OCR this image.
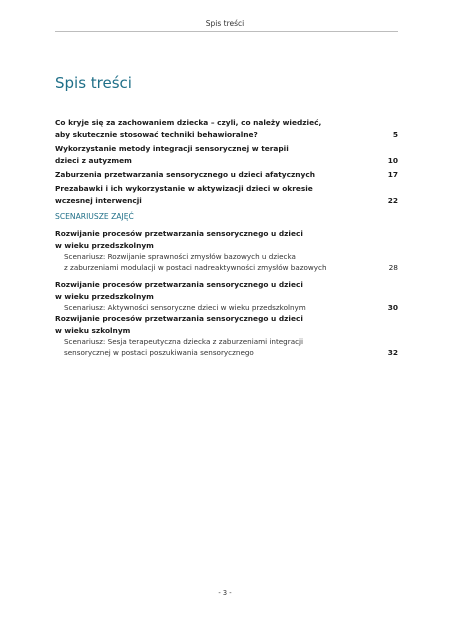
Spis treści
Spis treści
Co kryje się za zachowaniem dziecka – czyli, co należy wiedzieć,
aby skutecznie stosować techniki behawioralne?	5
Wykorzystanie metody integracji sensorycznej w terapii
dzieci z autyzmem	10
Zaburzenia przetwarzania sensorycznego u dzieci afatycznych	17
Prezabawki i ich wykorzystanie w aktywizacji dzieci w okresie
wczesnej interwencji	22
SCENARIUSZE ZAJĘĆ
Rozwijanie procesów przetwarzania sensorycznego u dzieci
w wieku przedszkolnym
Scenariusz: Rozwijanie sprawności zmysłów bazowych u dziecka
z zaburzeniami modulacji w postaci nadreaktywności zmysłów bazowych	28
Rozwijanie procesów przetwarzania sensorycznego u dzieci
w wieku przedszkolnym
Scenariusz: Aktywności sensoryczne dzieci w wieku przedszkolnym	30
Rozwijanie procesów przetwarzania sensorycznego u dzieci
w wieku szkolnym
Scenariusz: Sesja terapeutyczna dziecka z zaburzeniami integracji
sensorycznej w postaci poszukiwania sensorycznego	32
- 3 -
